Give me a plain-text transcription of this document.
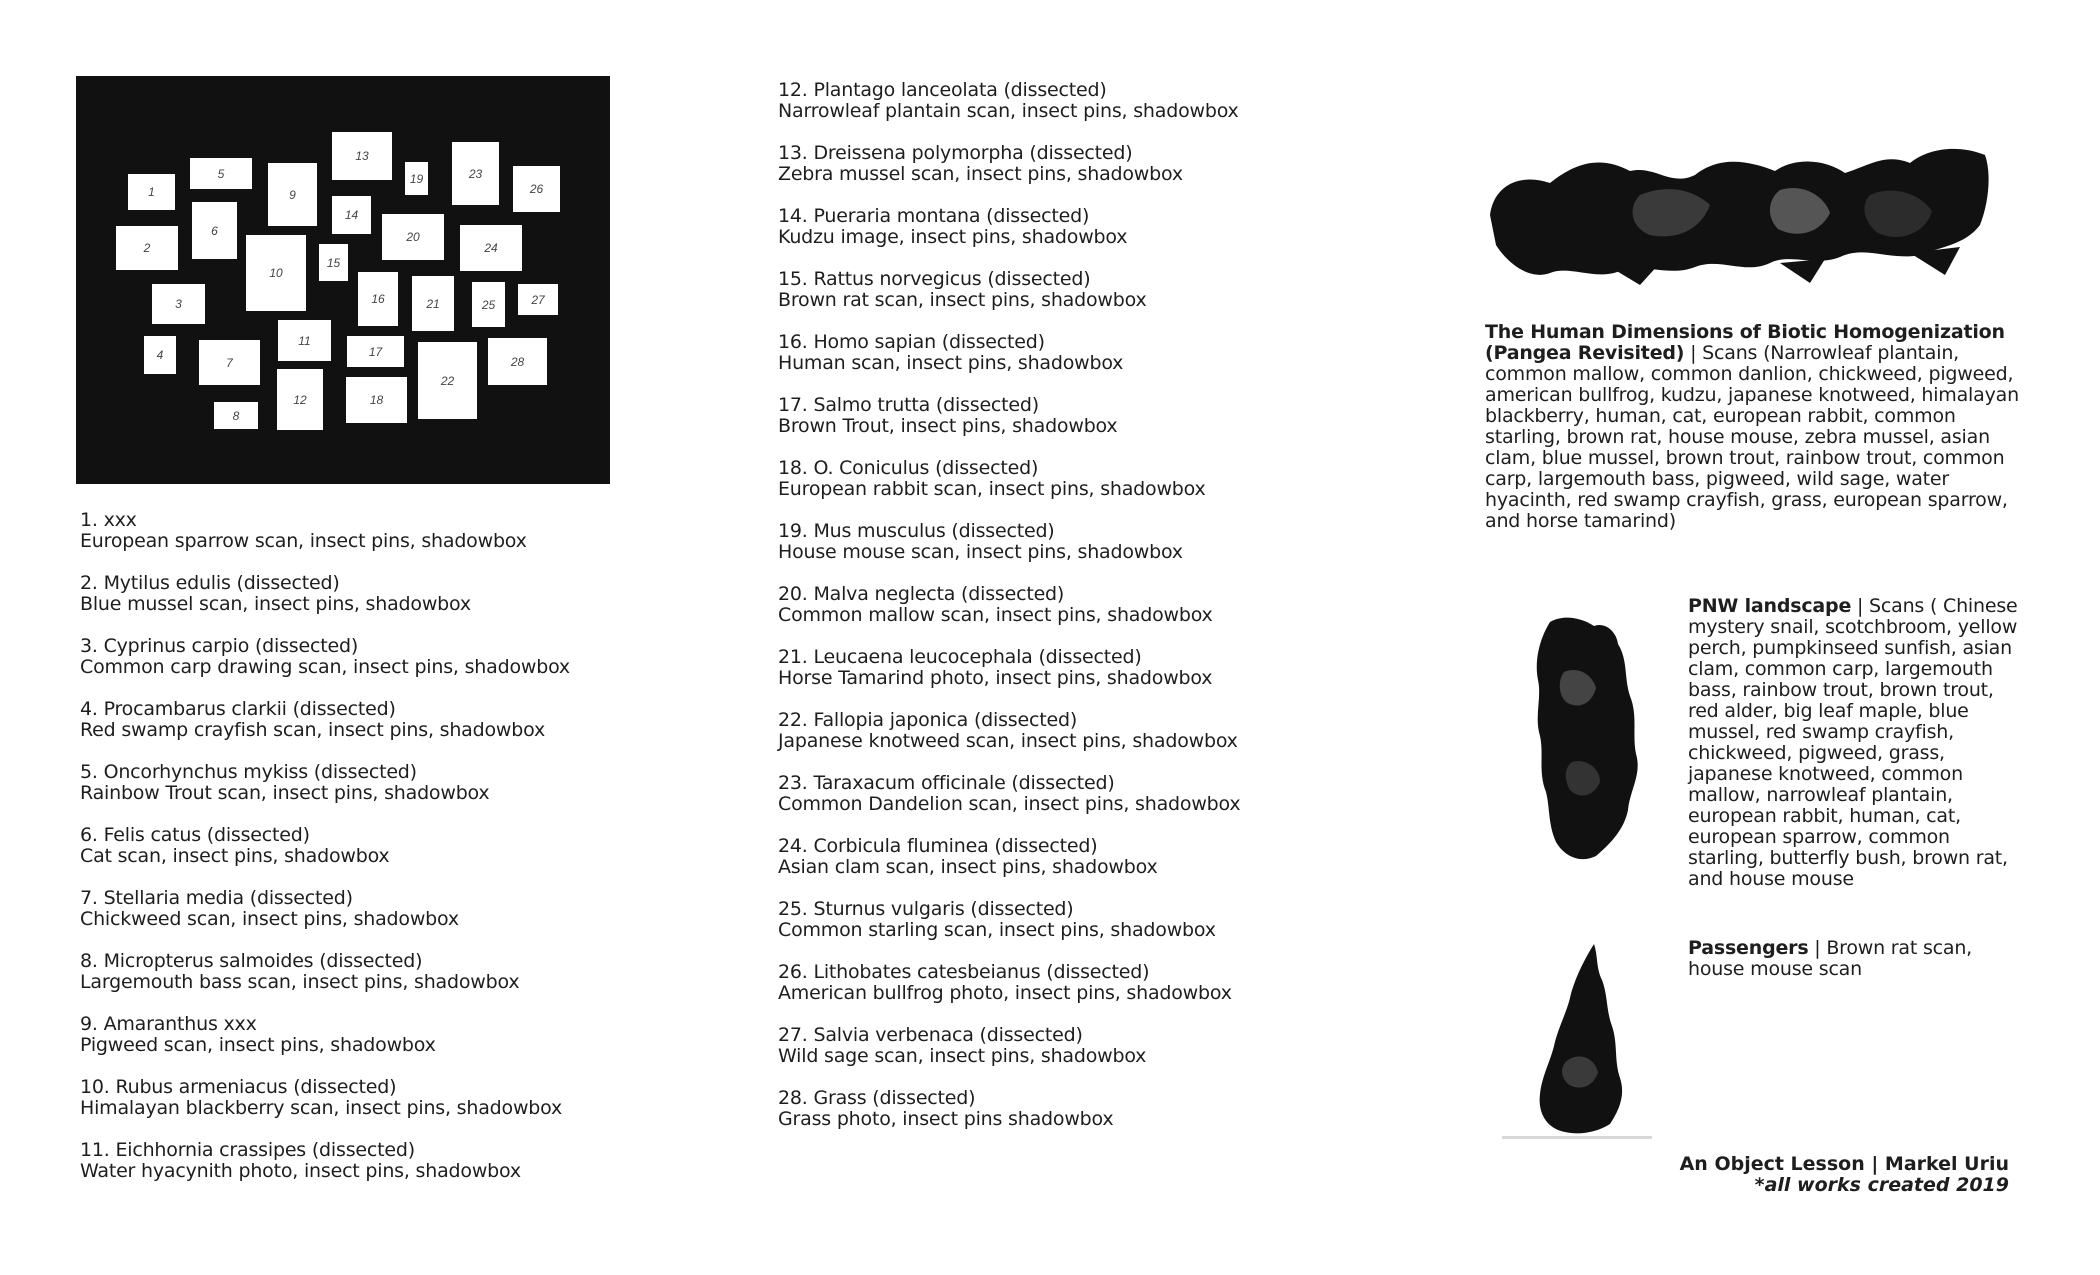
1
2
3
4
5
6
7
8
9
10
11
12
13
14
15
16
17
18
19
20
21
22
23
24
25
26
27
28
1. xxx
European sparrow scan, insect pins, shadowbox
2. Mytilus edulis (dissected)
Blue mussel scan, insect pins, shadowbox
3. Cyprinus carpio (dissected)
Common carp drawing scan, insect pins, shadowbox
4. Procambarus clarkii (dissected)
Red swamp crayfish scan, insect pins, shadowbox
5. Oncorhynchus mykiss (dissected)
Rainbow Trout scan, insect pins, shadowbox
6. Felis catus (dissected)
Cat scan, insect pins, shadowbox
7. Stellaria media (dissected)
Chickweed scan, insect pins, shadowbox
8. Micropterus salmoides (dissected)
Largemouth bass scan, insect pins, shadowbox
9. Amaranthus xxx
Pigweed scan, insect pins, shadowbox
10. Rubus armeniacus (dissected)
Himalayan blackberry scan, insect pins, shadowbox
11. Eichhornia crassipes (dissected)
Water hyacynith photo, insect pins, shadowbox
12. Plantago lanceolata (dissected)
Narrowleaf plantain scan, insect pins, shadowbox
13. Dreissena polymorpha (dissected)
Zebra mussel scan, insect pins, shadowbox
14. Pueraria montana (dissected)
Kudzu image, insect pins, shadowbox
15. Rattus norvegicus (dissected)
Brown rat scan, insect pins, shadowbox
16. Homo sapian (dissected)
Human scan, insect pins, shadowbox
17. Salmo trutta (dissected)
Brown Trout, insect pins, shadowbox
18. O. Coniculus (dissected)
European rabbit scan, insect pins, shadowbox
19. Mus musculus (dissected)
House mouse scan, insect pins, shadowbox
20. Malva neglecta (dissected)
Common mallow scan, insect pins, shadowbox
21. Leucaena leucocephala (dissected)
Horse Tamarind photo, insect pins, shadowbox
22. Fallopia japonica (dissected)
Japanese knotweed scan, insect pins, shadowbox
23. Taraxacum officinale (dissected)
Common Dandelion scan, insect pins, shadowbox
24. Corbicula fluminea (dissected)
Asian clam scan, insect pins, shadowbox
25. Sturnus vulgaris (dissected)
Common starling scan, insect pins, shadowbox
26. Lithobates catesbeianus (dissected)
American bullfrog photo, insect pins, shadowbox
27. Salvia verbenaca (dissected)
Wild sage scan, insect pins, shadowbox
28. Grass (dissected)
Grass photo, insect pins shadowbox
The Human Dimensions of Biotic Homogenization (Pangea Revisited) | Scans (Narrowleaf plantain, common mallow, common danlion, chickweed, pigweed, american bullfrog, kudzu, japanese knotweed, himalayan blackberry, human, cat, european rabbit, common starling, brown rat, house mouse, zebra mussel, asian clam, blue mussel, brown trout, rainbow trout, common carp, largemouth bass, pigweed, wild sage, water hyacinth, red swamp crayfish, grass, european sparrow, and horse tamarind)
PNW landscape | Scans ( Chinese mystery snail, scotchbroom, yellow perch, pumpkinseed sunfish, asian clam, common carp, largemouth bass, rainbow trout, brown trout, red alder, big leaf maple, blue mussel, red swamp crayfish, chickweed, pigweed, grass, japanese knotweed, common mallow, narrowleaf plantain, european rabbit, human, cat, european sparrow, common starling, butterfly bush, brown rat, and house mouse
Passengers | Brown rat scan, house mouse scan
An Object Lesson | Markel Uriu
*all works created 2019
